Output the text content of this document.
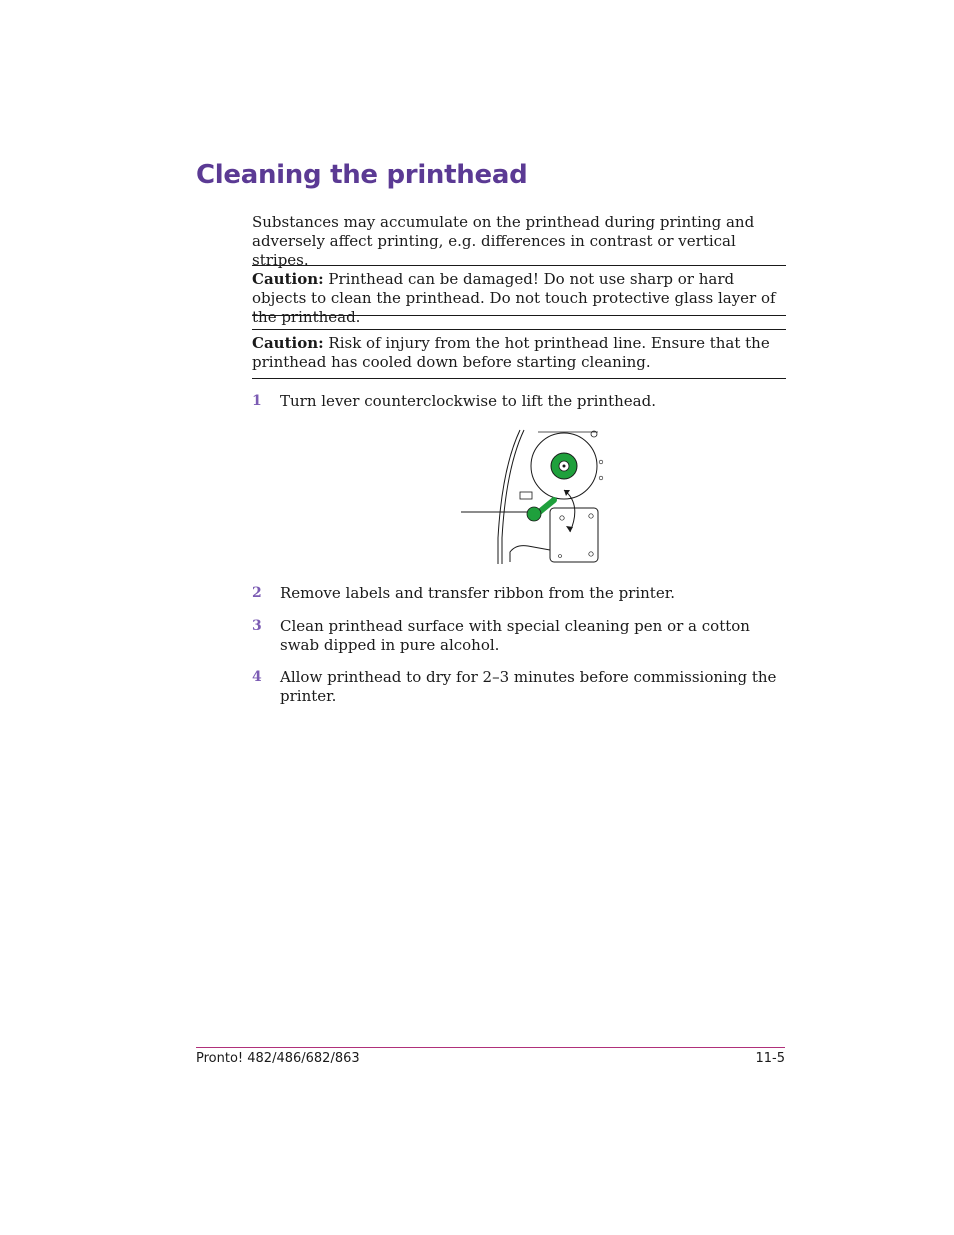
Cleaning the printhead

Substances may accumulate on the printhead during printing and adversely affect printing, e.g. differences in contrast or vertical stripes.

Caution: Printhead can be damaged! Do not use sharp or hard objects to clean the printhead. Do not touch protective glass layer of the printhead.
Caution: Risk of injury from the hot printhead line. Ensure that the printhead has cooled down before starting cleaning.
1 Turn lever counterclockwise to lift the printhead.
2 Remove labels and transfer ribbon from the printer.
3 Clean printhead surface with special cleaning pen or a cotton swab dipped in pure alcohol.
4 Allow printhead to dry for 2–3 minutes before commissioning the printer.
Pronto! 482/486/682/863	11-5
